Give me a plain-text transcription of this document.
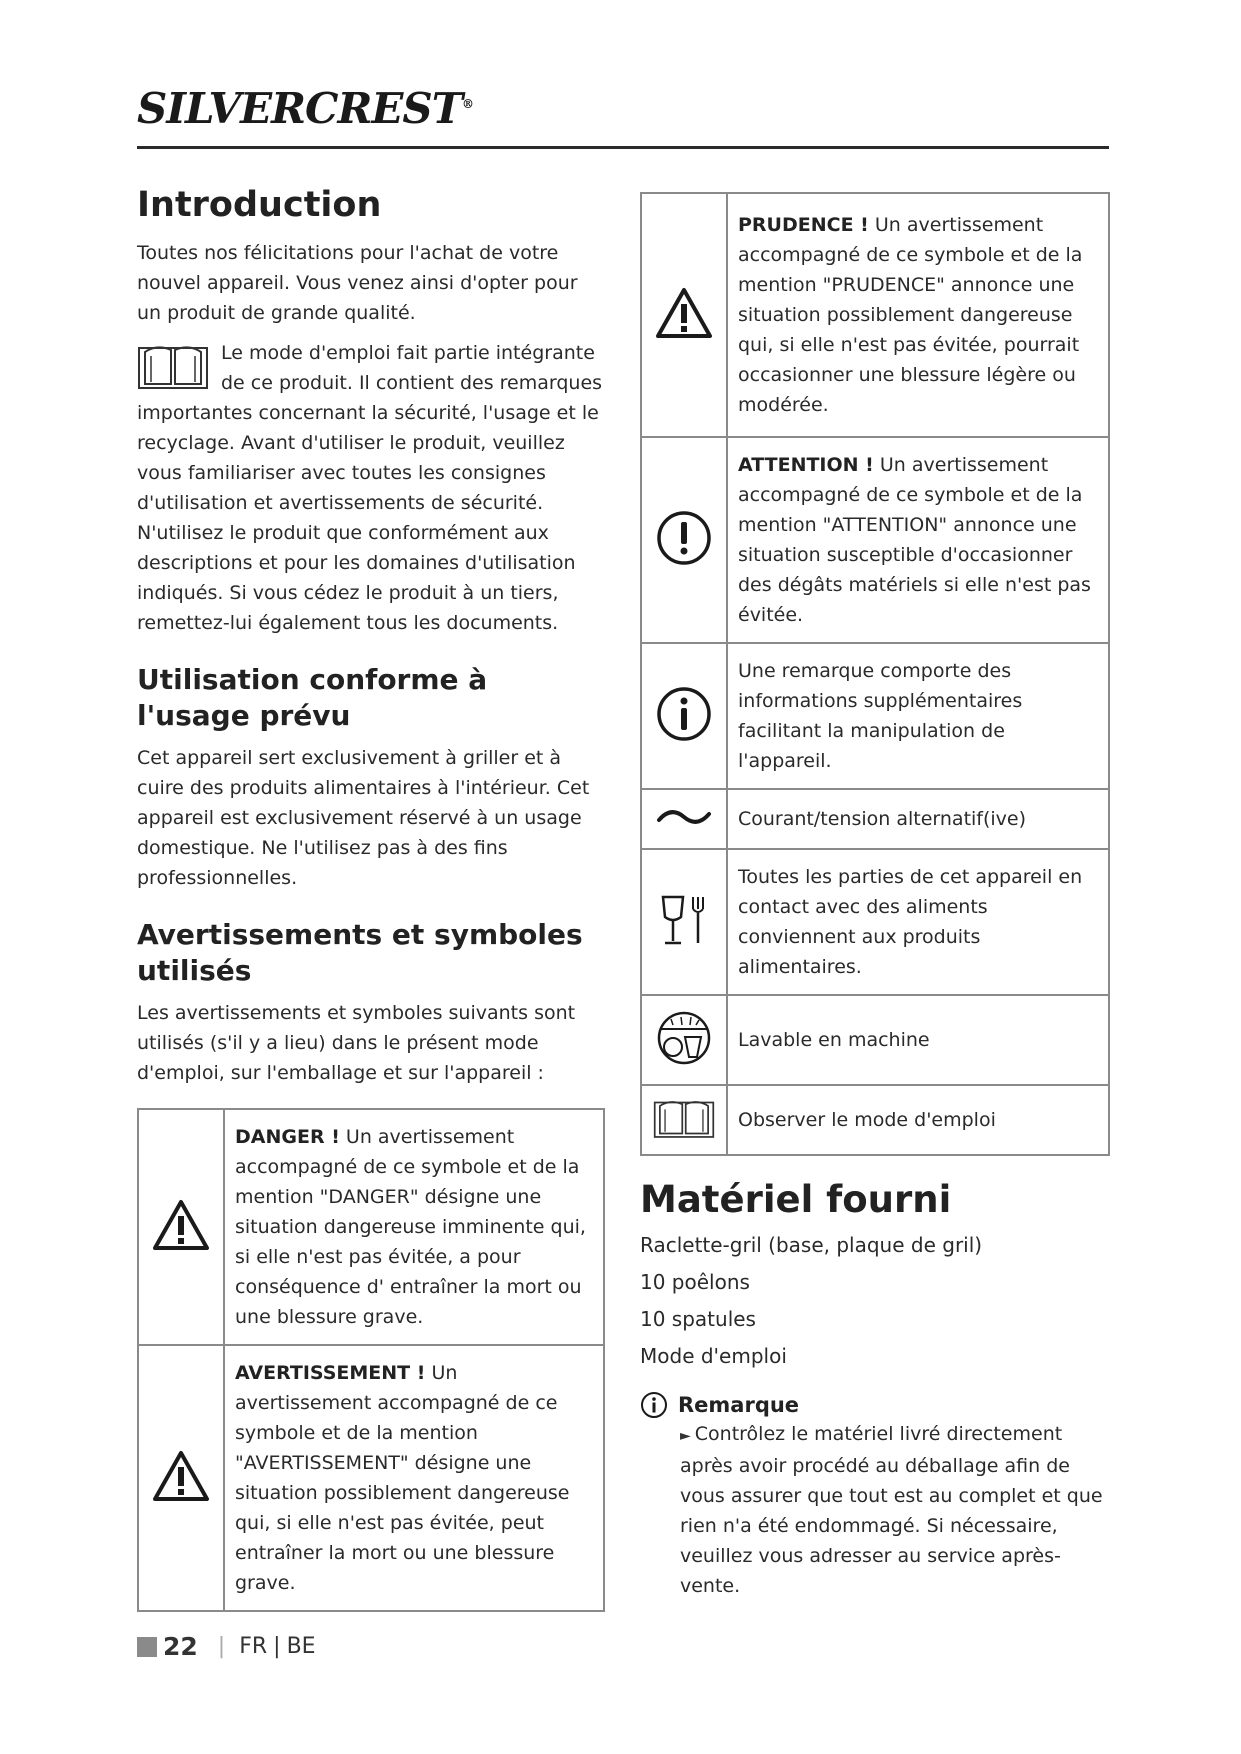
SILVERCREST®
Introduction

Toutes nos félicitations pour l'achat de votre nouvel appareil. Vous venez ainsi d'opter pour un produit de grande qualité.

Le mode d'emploi fait partie intégrante de ce produit. Il contient des remarques importantes concernant la sécurité, l'usage et le recyclage. Avant d'utiliser le produit, veuillez vous familiariser avec toutes les consignes d'utilisation et avertissements de sécurité. N'utilisez le produit que conformément aux descriptions et pour les domaines d'utilisation indiqués. Si vous cédez le produit à un tiers, remettez-lui également tous les documents.

Utilisation conforme à l'usage prévu

Cet appareil sert exclusivement à griller et à cuire des produits alimentaires à l'intérieur. Cet appareil est exclusivement réservé à un usage domestique. Ne l'utilisez pas à des fins professionnelles.

Avertissements et symboles utilisés

Les avertissements et symboles suivants sont utilisés (s'il y a lieu) dans le présent mode d'emploi, sur l'emballage et sur l'appareil :

	DANGER ! Un avertissement accompagné de ce symbole et de la mention "DANGER" désigne une situation dangereuse imminente qui, si elle n'est pas évitée, a pour conséquence d' entraîner la mort ou une blessure grave.
	AVERTISSEMENT ! Un avertissement accompagné de ce symbole et de la mention "AVERTISSEMENT" désigne une situation possiblement dangereuse qui, si elle n'est pas évitée, peut entraîner la mort ou une blessure grave.
	PRUDENCE ! Un avertissement accompagné de ce symbole et de la mention "PRUDENCE" annonce une situation possiblement dangereuse qui, si elle n'est pas évitée, pourrait occasionner une blessure légère ou modérée.
	ATTENTION ! Un avertissement accompagné de ce symbole et de la mention "ATTENTION" annonce une situation susceptible d'occasionner des dégâts matériels si elle n'est pas évitée.
	Une remarque comporte des informations supplémentaires facilitant la manipulation de l'appareil.
	Courant/tension alternatif(ive)
	Toutes les parties de cet appareil en contact avec des aliments conviennent aux produits alimentaires.
	Lavable en machine
	Observer le mode d'emploi
Matériel fourni
Raclette-gril (base, plaque de gril)
10 poêlons
10 spatules
Mode d'emploi
Remarque
► Contrôlez le matériel livré directement après avoir procédé au déballage afin de vous assurer que tout est au complet et que rien n'a été endommagé. Si nécessaire, veuillez vous adresser au service après-vente.
22 | FR | BE
